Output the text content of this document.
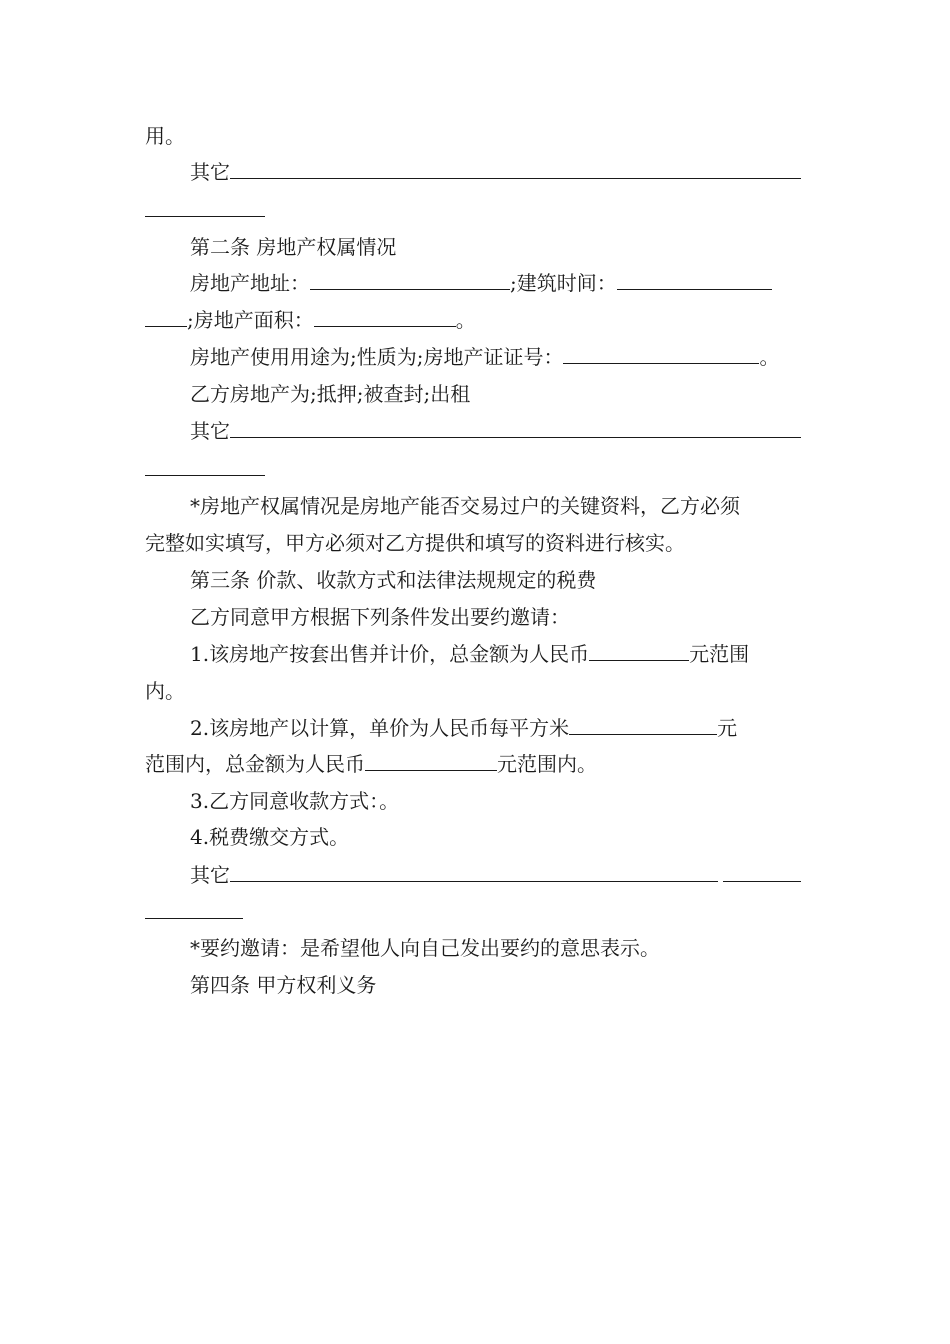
用。
其它
第二条 房地产权属情况
房地产地址：	;建筑时间：
;房地产面积：	。
房地产使用用途为;性质为;房地产证证号：	。
乙方房地产为;抵押;被查封;出租
其它
*房地产权属情况是房地产能否交易过户的关键资料，乙方必须
完整如实填写，甲方必须对乙方提供和填写的资料进行核实。
第三条 价款、收款方式和法律法规规定的税费
乙方同意甲方根据下列条件发出要约邀请：
1.该房地产按套出售并计价，总金额为人民币	元范围
内。
2.该房地产以计算，单价为人民币每平方米	元
范围内，总金额为人民币	元范围内。
3.乙方同意收款方式：。
4.税费缴交方式。
其它
*要约邀请：是希望他人向自己发出要约的意思表示。
第四条 甲方权利义务
